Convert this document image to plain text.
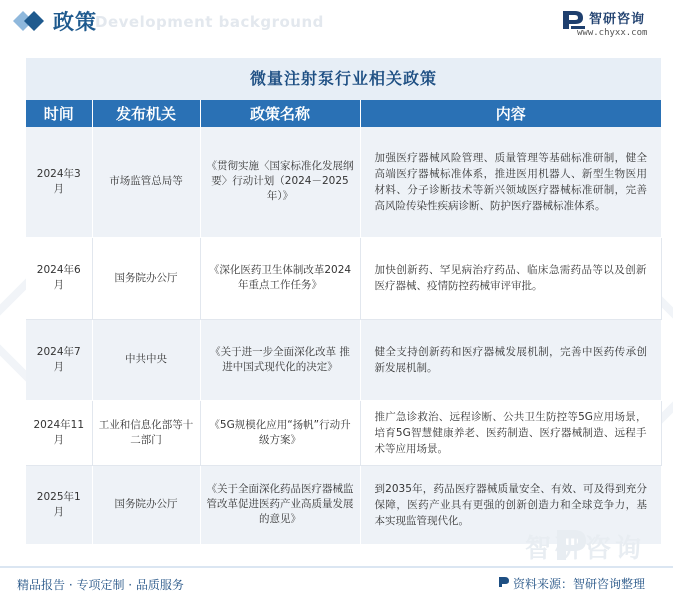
Development background
政策	智研咨询
www.chyxx.com
微量注射泵行业相关政策
时间	发布机关	政策名称	内容
2024年3月	市场监管总局等	《贯彻实施〈国家标准化发展纲要〉行动计划（2024－2025年）》	加强医疗器械风险管理、质量管理等基础标准研制，健全高端医疗器械标准体系，推进医用机器人、新型生物医用材料、分子诊断技术等新兴领域医疗器械标准研制，完善高风险传染性疾病诊断、防护医疗器械标准体系。
2024年6月	国务院办公厅	《深化医药卫生体制改革2024年重点工作任务》	加快创新药、罕见病治疗药品、临床急需药品等以及创新医疗器械、疫情防控药械审评审批。
2024年7月	中共中央	《关于进一步全面深化改革 推进中国式现代化的决定》	健全支持创新药和医疗器械发展机制，完善中医药传承创新发展机制。
2024年11月	工业和信息化部等十二部门	《5G规模化应用“扬帆”行动升级方案》	推广急诊救治、远程诊断、公共卫生防控等5G应用场景，培育5G智慧健康养老、医药制造、医疗器械制造、远程手术等应用场景。
2025年1月	国务院办公厅	《关于全面深化药品医疗器械监管改革促进医药产业高质量发展的意见》	到2035年，药品医疗器械质量安全、有效、可及得到充分保障，医药产业具有更强的创新创造力和全球竞争力，基本实现监管现代化。
智研咨询
精品报告 · 专项定制 · 品质服务	资料来源：智研咨询整理
